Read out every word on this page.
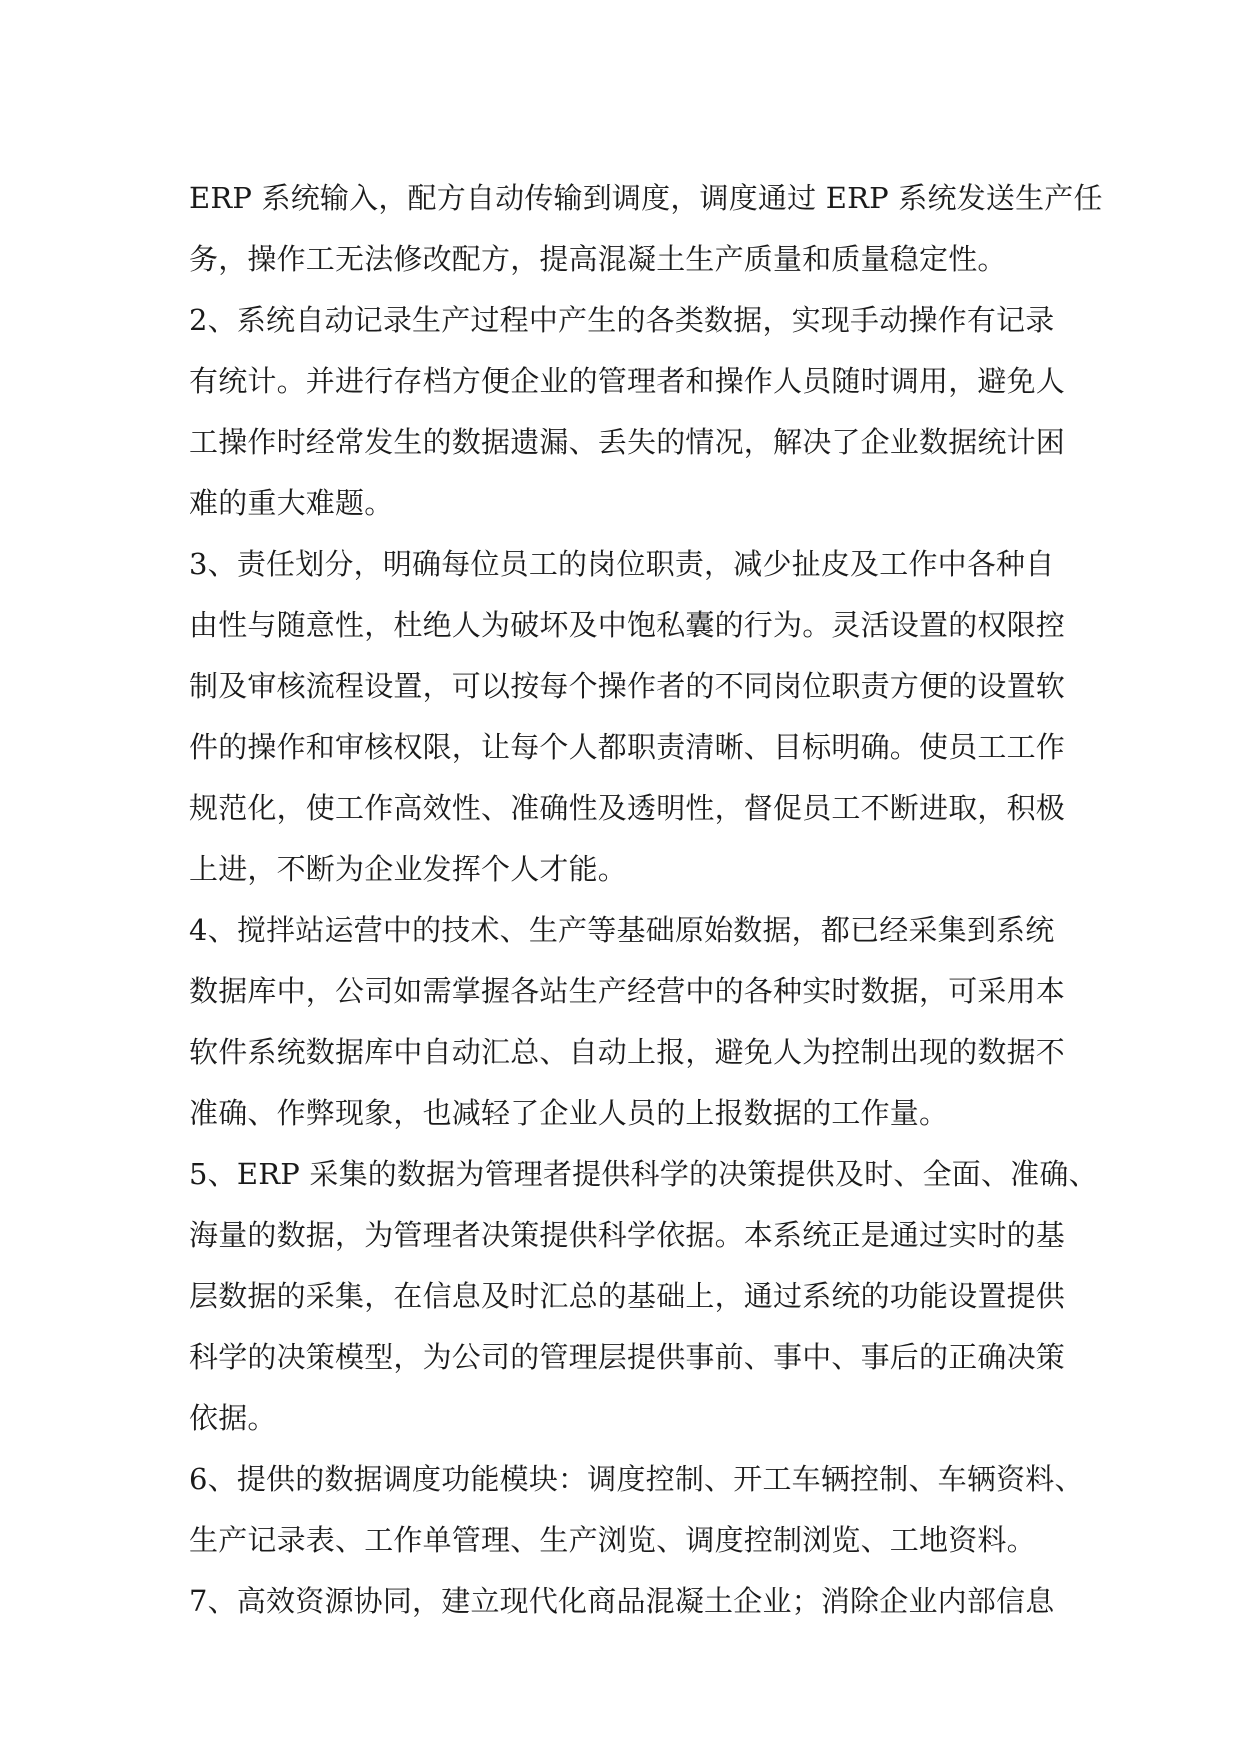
ERP 系统输入，配方自动传输到调度，调度通过 ERP 系统发送生产任
务，操作工无法修改配方，提高混凝土生产质量和质量稳定性。
2、系统自动记录生产过程中产生的各类数据，实现手动操作有记录
有统计。并进行存档方便企业的管理者和操作人员随时调用，避免人
工操作时经常发生的数据遗漏、丢失的情况，解决了企业数据统计困
难的重大难题。
3、责任划分，明确每位员工的岗位职责，减少扯皮及工作中各种自
由性与随意性，杜绝人为破坏及中饱私囊的行为。灵活设置的权限控
制及审核流程设置，可以按每个操作者的不同岗位职责方便的设置软
件的操作和审核权限，让每个人都职责清晰、目标明确。使员工工作
规范化，使工作高效性、准确性及透明性，督促员工不断进取，积极
上进，不断为企业发挥个人才能。
4、搅拌站运营中的技术、生产等基础原始数据，都已经采集到系统
数据库中，公司如需掌握各站生产经营中的各种实时数据，可采用本
软件系统数据库中自动汇总、自动上报，避免人为控制出现的数据不
准确、作弊现象，也减轻了企业人员的上报数据的工作量。
5、ERP 采集的数据为管理者提供科学的决策提供及时、全面、准确、
海量的数据，为管理者决策提供科学依据。本系统正是通过实时的基
层数据的采集，在信息及时汇总的基础上，通过系统的功能设置提供
科学的决策模型，为公司的管理层提供事前、事中、事后的正确决策
依据。
6、提供的数据调度功能模块：调度控制、开工车辆控制、车辆资料、
生产记录表、工作单管理、生产浏览、调度控制浏览、工地资料。
7、高效资源协同，建立现代化商品混凝土企业；消除企业内部信息
